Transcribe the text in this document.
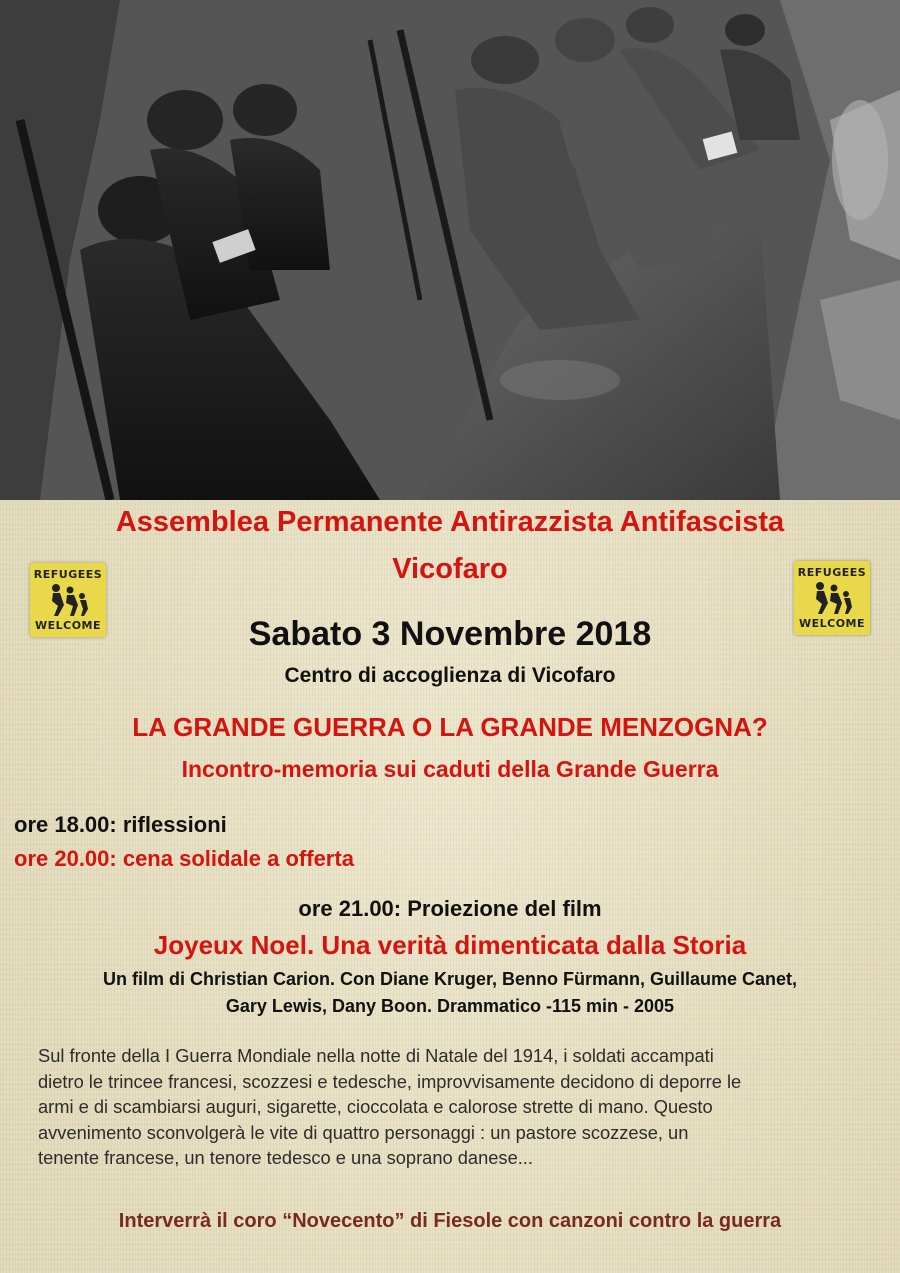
Assemblea Permanente Antirazzista Antifascista
Vicofaro
REFUGEES
WELCOME
REFUGEES
WELCOME
Sabato 3 Novembre 2018
Centro di accoglienza di Vicofaro
LA GRANDE GUERRA O LA GRANDE MENZOGNA?
Incontro-memoria sui caduti della Grande Guerra
ore 18.00: riflessioni
ore 20.00: cena solidale a offerta
ore 21.00: Proiezione del film
Joyeux Noel. Una verità dimenticata dalla Storia
Un film di Christian Carion. Con Diane Kruger, Benno Fürmann, Guillaume Canet,
Gary Lewis, Dany Boon. Drammatico -115 min - 2005
Sul fronte della I Guerra Mondiale nella notte di Natale del 1914, i soldati accampati
dietro le trincee francesi, scozzesi e tedesche, improvvisamente decidono di deporre le
armi e di scambiarsi auguri, sigarette, cioccolata e calorose strette di mano. Questo
avvenimento sconvolgerà le vite di quattro personaggi : un pastore scozzese, un
tenente francese, un tenore tedesco e una soprano danese...
Interverrà il coro “Novecento” di Fiesole con canzoni contro la guerra
